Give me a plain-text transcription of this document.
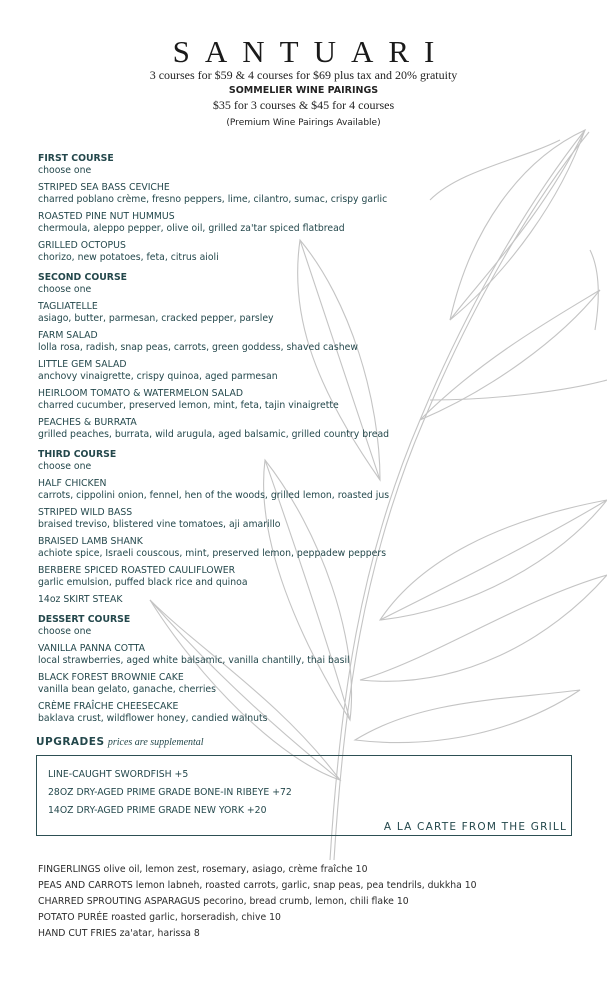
SANTUARI
3 courses for $59 & 4 courses for $69 plus tax and 20% gratuity
SOMMELIER WINE PAIRINGS
$35 for 3 courses & $45 for 4 courses
(Premium Wine Pairings Available)
FIRST COURSE
choose one
STRIPED SEA BASS CEVICHE
charred poblano crème, fresno peppers, lime, cilantro, sumac, crispy garlic
ROASTED PINE NUT HUMMUS
chermoula, aleppo pepper, olive oil, grilled za'tar spiced flatbread
GRILLED OCTOPUS
chorizo, new potatoes, feta, citrus aioli
SECOND COURSE
choose one
TAGLIATELLE
asiago, butter, parmesan, cracked pepper, parsley
FARM SALAD
lolla rosa, radish, snap peas, carrots, green goddess, shaved cashew
LITTLE GEM SALAD
anchovy vinaigrette, crispy quinoa, aged parmesan
HEIRLOOM TOMATO & WATERMELON SALAD
charred cucumber, preserved lemon, mint, feta, tajin vinaigrette
PEACHES & BURRATA
grilled peaches, burrata, wild arugula, aged balsamic, grilled country bread
THIRD COURSE
choose one
HALF CHICKEN
carrots, cippolini onion, fennel, hen of the woods, grilled lemon, roasted jus
STRIPED WILD BASS
braised treviso, blistered vine tomatoes, aji amarillo
BRAISED LAMB SHANK
achiote spice, Israeli couscous, mint, preserved lemon, peppadew peppers
BERBERE SPICED ROASTED CAULIFLOWER
garlic emulsion, puffed black rice and quinoa
14oz SKIRT STEAK
DESSERT COURSE
choose one
VANILLA PANNA COTTA
local strawberries, aged white balsamic, vanilla chantilly, thai basil
BLACK FOREST BROWNIE CAKE
vanilla bean gelato, ganache, cherries
CRÈME FRAÎCHE CHEESECAKE
baklava crust, wildflower honey, candied walnuts
UPGRADES prices are supplemental
LINE-CAUGHT SWORDFISH +5
28OZ DRY-AGED PRIME GRADE BONE-IN RIBEYE +72
14OZ DRY-AGED PRIME GRADE NEW YORK +20
A LA CARTE FROM THE GRILL
FINGERLINGS olive oil, lemon zest, rosemary, asiago, crème fraîche 10
PEAS AND CARROTS lemon labneh, roasted carrots, garlic, snap peas, pea tendrils, dukkha 10
CHARRED SPROUTING ASPARAGUS pecorino, bread crumb, lemon, chili flake 10
POTATO PURÉE roasted garlic, horseradish, chive 10
HAND CUT FRIES za'atar, harissa 8
